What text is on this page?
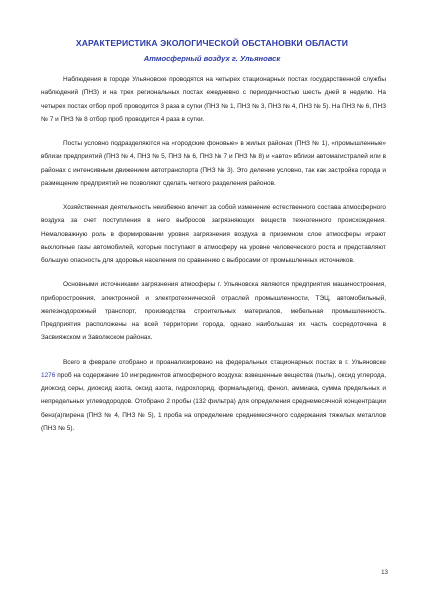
ХАРАКТЕРИСТИКА ЭКОЛОГИЧЕСКОЙ ОБСТАНОВКИ ОБЛАСТИ
Атмосферный воздух г. Ульяновск

Наблюдения в городе Ульяновске проводятся на четырех стационарных постах государственной службы наблюдений (ПНЗ) и на трех региональных постах ежедневно с периодичностью шесть дней в неделю. На четырех постах отбор проб проводится 3 раза в сутки (ПНЗ № 1, ПНЗ № 3, ПНЗ № 4, ПНЗ № 5). На ПНЗ № 6, ПНЗ № 7 и ПНЗ № 8 отбор проб проводится 4 раза в сутки.

Посты условно подразделяются на «городские фоновые» в жилых районах (ПНЗ № 1), «промышленные» вблизи предприятий (ПНЗ № 4, ПНЗ № 5, ПНЗ № 6, ПНЗ № 7 и ПНЗ № 8) и «авто» вблизи автомагистралей или в районах с интенсивным движением автотранспорта (ПНЗ № 3). Это деление условно, так как застройка города и размещение предприятий не позволяют сделать четкого разделения районов.

Хозяйственная деятельность неизбежно влечет за собой изменение естественного состава атмосферного воздуха за счет поступления в него выбросов загрязняющих веществ техногенного происхождения. Немаловажную роль в формировании уровня загрязнения воздуха в приземном слое атмосферы играют выхлопные газы автомобилей, которые поступают в атмосферу на уровне человеческого роста и представляют большую опасность для здоровья населения по сравнению с выбросами от промышленных источников.

Основными источниками загрязнения атмосферы г. Ульяновска являются предприятия машиностроения, приборостроения, электронной и электротехнической отраслей промышленности, ТЭЦ, автомобильный, железнодорожный транспорт, производства строительных материалов, мебельная промышленность. Предприятия расположены на всей территории города, однако наибольшая их часть сосредоточена в Засвияжском и Заволжском районах.

Всего в феврале отобрано и проанализировано на федеральных стационарных постах в г. Ульяновске 1276 проб на содержание 10 ингредиентов атмосферного воздуха: взвешенные вещества (пыль), оксид углерода, диоксид серы, диоксид азота, оксид азота, гидрохлорид, формальдегид, фенол, аммиака, сумма предельных и непредельных углеводородов. Отобрано 2 пробы (132 фильтра) для определения среднемесячной концентрации бенз(а)пирена (ПНЗ № 4, ПНЗ № 5), 1 проба на определение среднемесячного содержания тяжелых металлов (ПНЗ № 5).

13
